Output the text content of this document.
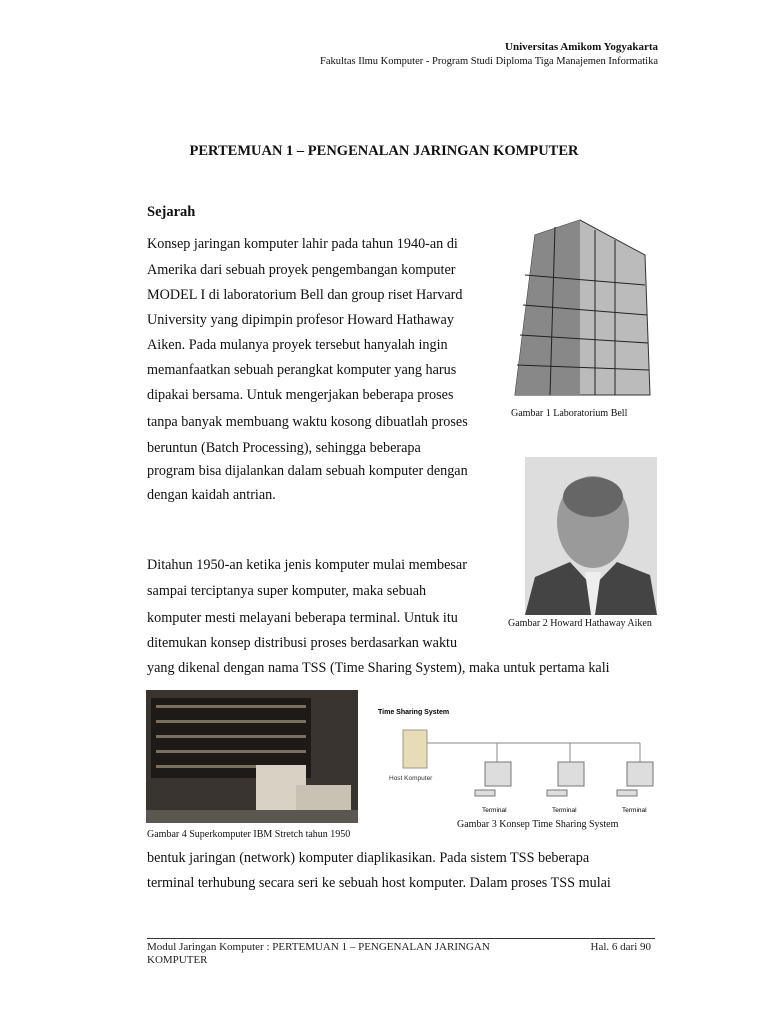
Universitas Amikom Yogyakarta
Fakultas Ilmu Komputer - Program Studi Diploma Tiga Manajemen Informatika
PERTEMUAN 1 – PENGENALAN JARINGAN KOMPUTER
Sejarah
Konsep jaringan komputer lahir pada tahun 1940-an di
Amerika dari sebuah proyek pengembangan komputer
MODEL I di laboratorium Bell dan group riset Harvard
University yang dipimpin profesor Howard Hathaway
Aiken. Pada mulanya proyek tersebut hanyalah ingin
memanfaatkan sebuah perangkat komputer yang harus
dipakai bersama. Untuk mengerjakan beberapa proses
tanpa banyak membuang waktu kosong dibuatlah proses
beruntun (Batch Processing), sehingga beberapa
program bisa dijalankan dalam sebuah komputer dengan
dengan kaidah antrian.
Ditahun 1950-an ketika jenis komputer mulai membesar
sampai terciptanya super komputer, maka sebuah
komputer mesti melayani beberapa terminal. Untuk itu
ditemukan konsep distribusi proses berdasarkan waktu
yang dikenal dengan nama TSS (Time Sharing System), maka untuk pertama kali
bentuk jaringan (network) komputer diaplikasikan. Pada sistem TSS beberapa
terminal terhubung secara seri ke sebuah host komputer. Dalam proses TSS mulai
Gambar 1 Laboratorium Bell
Gambar 2 Howard Hathaway Aiken
Gambar 4 Superkomputer IBM Stretch tahun 1950
Time Sharing System
Host Komputer
Terminal	Terminal	Terminal
Gambar 3 Konsep Time Sharing System
Modul Jaringan Komputer : PERTEMUAN 1 – PENGENALAN JARINGAN
KOMPUTER
Hal. 6 dari 90
